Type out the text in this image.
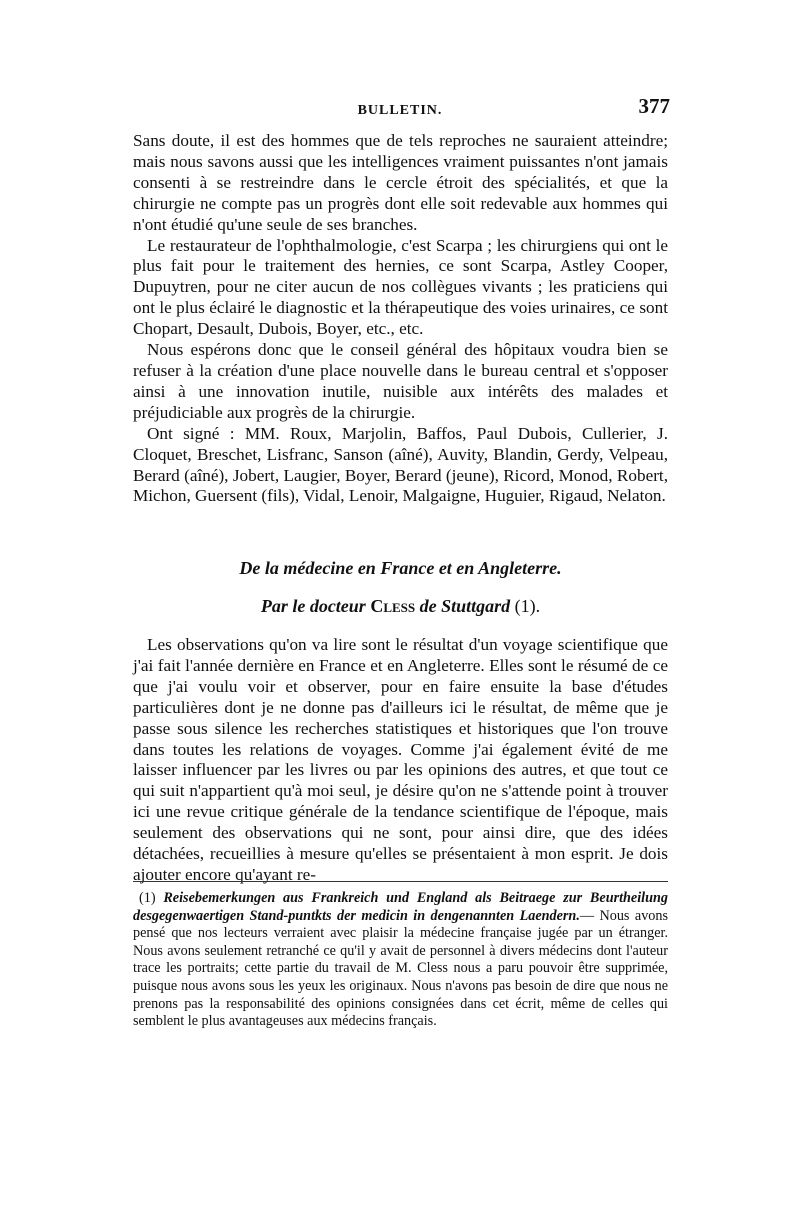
BULLETIN.	377

Sans doute, il est des hommes que de tels reproches ne sauraient atteindre; mais nous savons aussi que les intelligences vraiment puissantes n'ont jamais consenti à se restreindre dans le cercle étroit des spécialités, et que la chirurgie ne compte pas un progrès dont elle soit redevable aux hommes qui n'ont étudié qu'une seule de ses branches.

Le restaurateur de l'ophthalmologie, c'est Scarpa ; les chirurgiens qui ont le plus fait pour le traitement des hernies, ce sont Scarpa, Astley Cooper, Dupuytren, pour ne citer aucun de nos collègues vivants ; les praticiens qui ont le plus éclairé le diagnostic et la thérapeutique des voies urinaires, ce sont Chopart, Desault, Dubois, Boyer, etc., etc.

Nous espérons donc que le conseil général des hôpitaux voudra bien se refuser à la création d'une place nouvelle dans le bureau central et s'opposer ainsi à une innovation inutile, nuisible aux intérêts des malades et préjudiciable aux progrès de la chirurgie.

Ont signé : MM. Roux, Marjolin, Baffos, Paul Dubois, Cullerier, J. Cloquet, Breschet, Lisfranc, Sanson (aîné), Auvity, Blandin, Gerdy, Velpeau, Berard (aîné), Jobert, Laugier, Boyer, Berard (jeune), Ricord, Monod, Robert, Michon, Guersent (fils), Vidal, Lenoir, Malgaigne, Huguier, Rigaud, Nelaton.

De la médecine en France et en Angleterre.
Par le docteur Cless de Stuttgard (1).

Les observations qu'on va lire sont le résultat d'un voyage scientifique que j'ai fait l'année dernière en France et en Angleterre. Elles sont le résumé de ce que j'ai voulu voir et observer, pour en faire ensuite la base d'études particulières dont je ne donne pas d'ailleurs ici le résultat, de même que je passe sous silence les recherches statistiques et historiques que l'on trouve dans toutes les relations de voyages. Comme j'ai également évité de me laisser influencer par les livres ou par les opinions des autres, et que tout ce qui suit n'appartient qu'à moi seul, je désire qu'on ne s'attende point à trouver ici une revue critique générale de la tendance scientifique de l'époque, mais seulement des observations qui ne sont, pour ainsi dire, que des idées détachées, recueillies à mesure qu'elles se présentaient à mon esprit. Je dois ajouter encore qu'ayant re-

(1) Reisebemerkungen aus Frankreich und England als Beitraege zur Beurtheilung desgegenwaertigen Stand-puntkts der medicin in dengenannten Laendern.— Nous avons pensé que nos lecteurs verraient avec plaisir la médecine française jugée par un étranger. Nous avons seulement retranché ce qu'il y avait de personnel à divers médecins dont l'auteur trace les portraits; cette partie du travail de M. Cless nous a paru pouvoir être supprimée, puisque nous avons sous les yeux les originaux. Nous n'avons pas besoin de dire que nous ne prenons pas la responsabilité des opinions consignées dans cet écrit, même de celles qui semblent le plus avantageuses aux médecins français.
